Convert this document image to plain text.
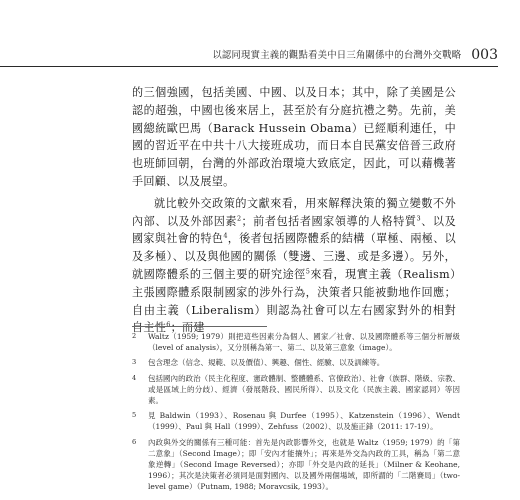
以認同現實主義的觀點看美中日三角關係中的台灣外交戰略 003

的三個強國，包括美國、中國、以及日本；其中，除了美國是公認的超強，中國也後來居上，甚至於有分庭抗禮之勢。先前，美國總統歐巴馬（Barack Hussein Obama）已經順利連任，中國的習近平在中共十八大接班成功，而日本自民黨安倍晉三政府也班師回朝，台灣的外部政治環境大致底定，因此，可以藉機著手回顧、以及展望。

就比較外交政策的文獻來看，用來解釋決策的獨立變數不外內部、以及外部因素$^2$；前者包括者國家領導的人格特質$^3$、以及國家與社會的特色$^4$，後者包括國際體系的結構（單極、兩極、以及多極）、以及與他國的關係（雙邊、三邊、或是多邊）。另外，就國際體系的三個主要的研究途徑$^5$來看，現實主義（Realism）主張國際體系限制國家的涉外行為，決策者只能被動地作回應；自由主義（Liberalism）則認為社會可以左右國家對外的相對自主性$^6$；而建

2	Waltz（1959; 1979）則把這些因素分為個人、國家／社會、以及國際體系等三個分析層級（level of analysis），又分別稱為第一、第二、以及第三意象（image）。
3	包含理念（信念、規範、以及價值）、興趣、個性、經驗、以及訓練等。
4	包括國內的政治（民主化程度、憲政體制、整體體系、官僚政治）、社會（族群、階級、宗教、或是區域上的分歧）、經濟（發展階段、國民所得）、以及文化（民族主義、國家認同）等因素。
5	見 Baldwin（1993）、Rosenau 與 Durfee（1995）、Katzenstein（1996）、Wendt（1999）、Paul 與 Hall（1999）、Zehfuss（2002）、以及施正鋒（2011: 17-19）。
6	內政與外交的關係有三種可能：首先是內政影響外交，也就是 Waltz（1959; 1979）的「第二意象」（Second Image）；即「安內才能攘外」；再來是外交為內政的工具，稱為「第二意象逆轉」（Second Image Reversed）；亦即「外交是內政的延長」（Milner & Keohane, 1996）；其次是決策者必須同是面對國內、以及國外兩個場域，即所謂的「二階賽局」（two-level game）（Putnam, 1988; Moravcsik, 1993）。
